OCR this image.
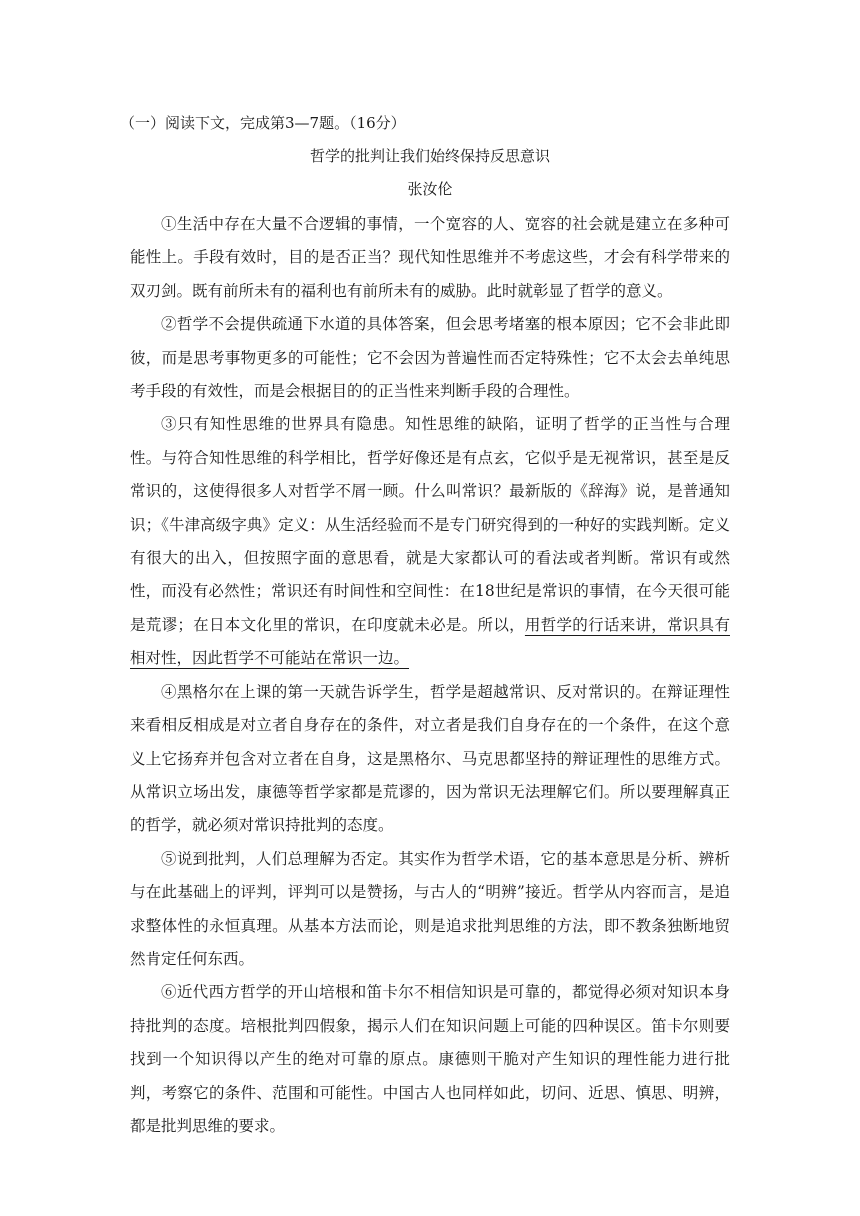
（一）阅读下文，完成第3—7题。（16分）
哲学的批判让我们始终保持反思意识
张汝伦

①生活中存在大量不合逻辑的事情，一个宽容的人、宽容的社会就是建立在多种可能性上。手段有效时，目的是否正当？现代知性思维并不考虑这些，才会有科学带来的双刃剑。既有前所未有的福利也有前所未有的威胁。此时就彰显了哲学的意义。

②哲学不会提供疏通下水道的具体答案，但会思考堵塞的根本原因；它不会非此即彼，而是思考事物更多的可能性；它不会因为普遍性而否定特殊性；它不太会去单纯思考手段的有效性，而是会根据目的的正当性来判断手段的合理性。

③只有知性思维的世界具有隐患。知性思维的缺陷，证明了哲学的正当性与合理性。与符合知性思维的科学相比，哲学好像还是有点玄，它似乎是无视常识，甚至是反常识的，这使得很多人对哲学不屑一顾。什么叫常识？最新版的《辞海》说，是普通知识；《牛津高级字典》定义：从生活经验而不是专门研究得到的一种好的实践判断。定义有很大的出入，但按照字面的意思看，就是大家都认可的看法或者判断。常识有或然性，而没有必然性；常识还有时间性和空间性：在18世纪是常识的事情，在今天很可能是荒谬；在日本文化里的常识，在印度就未必是。所以，用哲学的行话来讲，常识具有相对性，因此哲学不可能站在常识一边。

④黑格尔在上课的第一天就告诉学生，哲学是超越常识、反对常识的。在辩证理性来看相反相成是对立者自身存在的条件，对立者是我们自身存在的一个条件，在这个意义上它扬弃并包含对立者在自身，这是黑格尔、马克思都坚持的辩证理性的思维方式。从常识立场出发，康德等哲学家都是荒谬的，因为常识无法理解它们。所以要理解真正的哲学，就必须对常识持批判的态度。

⑤说到批判，人们总理解为否定。其实作为哲学术语，它的基本意思是分析、辨析与在此基础上的评判，评判可以是赞扬，与古人的“明辨”接近。哲学从内容而言，是追求整体性的永恒真理。从基本方法而论，则是追求批判思维的方法，即不教条独断地贸然肯定任何东西。

⑥近代西方哲学的开山培根和笛卡尔不相信知识是可靠的，都觉得必须对知识本身持批判的态度。培根批判四假象，揭示人们在知识问题上可能的四种误区。笛卡尔则要找到一个知识得以产生的绝对可靠的原点。康德则干脆对产生知识的理性能力进行批判，考察它的条件、范围和可能性。中国古人也同样如此，切问、近思、慎思、明辨，都是批判思维的要求。
